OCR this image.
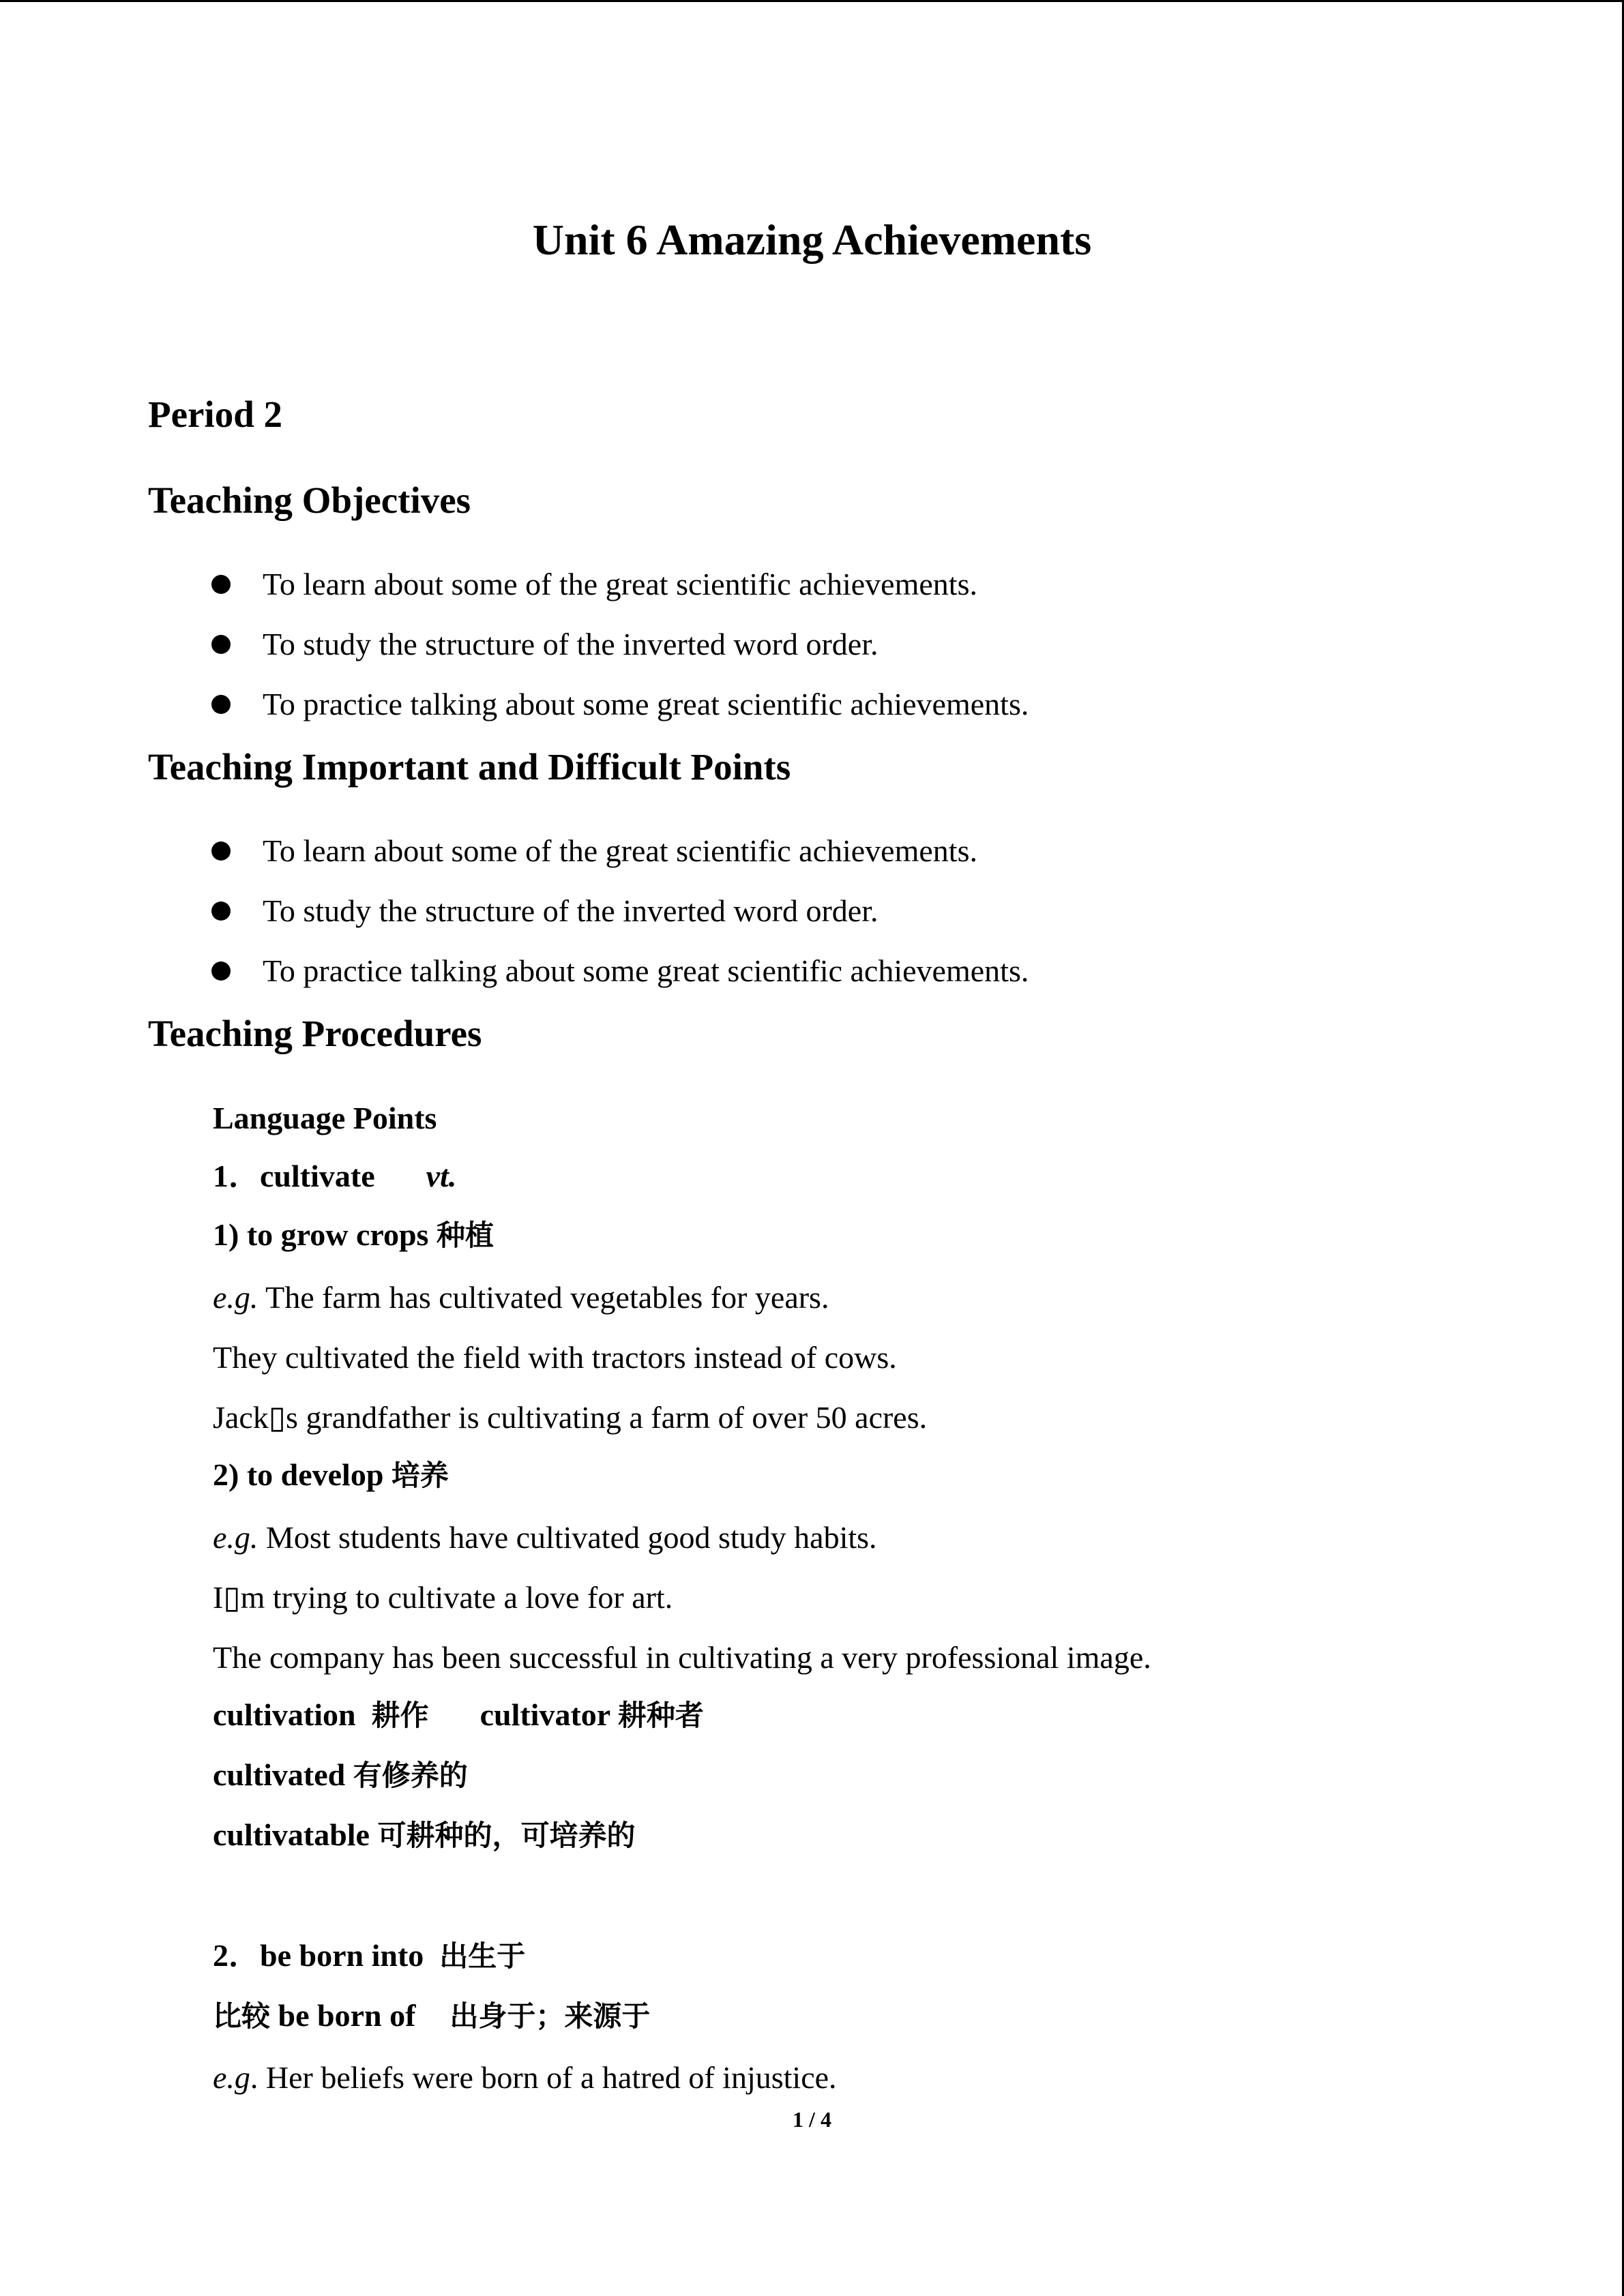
Unit 6 Amazing Achievements
Period 2
Teaching Objectives
To learn about some of the great scientific achievements.
To study the structure of the inverted word order.
To practice talking about some great scientific achievements.
Teaching Important and Difficult Points
To learn about some of the great scientific achievements.
To study the structure of the inverted word order.
To practice talking about some great scientific achievements.
Teaching Procedures
Language Points
1．cultivate vt.
1) to grow crops 种植
e.g. The farm has cultivated vegetables for years.
They cultivated the field with tractors instead of cows.
Jack▯s grandfather is cultivating a farm of over 50 acres.
2) to develop 培养
e.g. Most students have cultivated good study habits.
I▯m trying to cultivate a love for art.
The company has been successful in cultivating a very professional image.
cultivation 耕作 cultivator 耕种者
cultivated 有修养的
cultivatable 可耕种的，可培养的
2．be born into 出生于
比较 be born of 出身于；来源于
e.g. Her beliefs were born of a hatred of injustice.
1 / 4
